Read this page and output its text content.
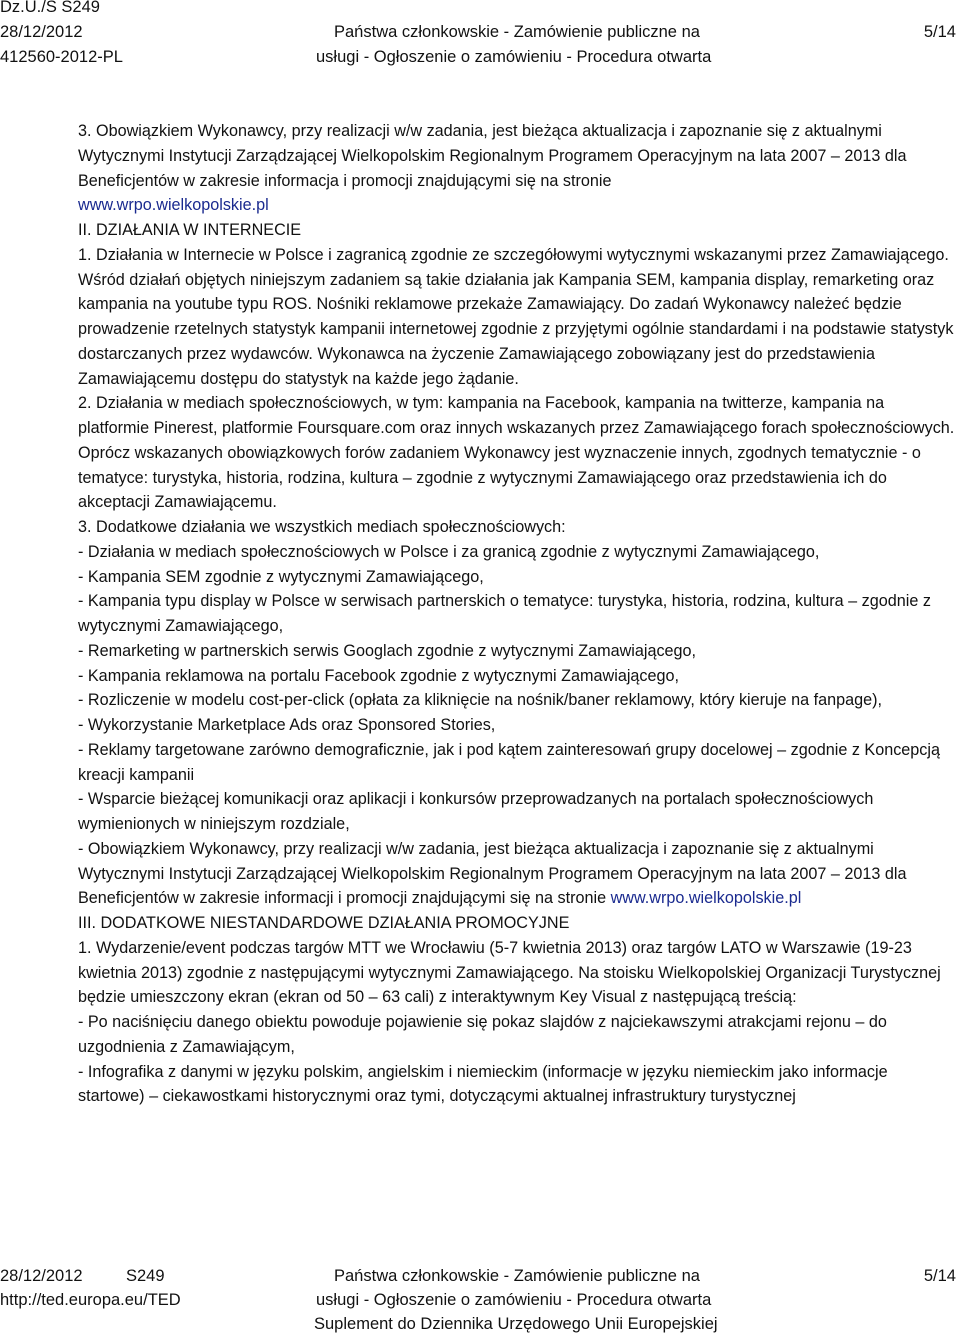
Dz.U./S S249
28/12/2012
412560-2012-PL
Państwa członkowskie - Zamówienie publiczne na
usługi - Ogłoszenie o zamówieniu - Procedura otwarta
5/14

3. Obowiązkiem Wykonawcy, przy realizacji w/w zadania, jest bieżąca aktualizacja i zapoznanie się z aktualnymi Wytycznymi Instytucji Zarządzającej Wielkopolskim Regionalnym Programem Operacyjnym na lata 2007 – 2013 dla Beneficjentów w zakresie informacja i promocji znajdującymi się na stronie
www.wrpo.wielkopolskie.pl

II. DZIAŁANIA W INTERNECIE

1. Działania w Internecie w Polsce i zagranicą zgodnie ze szczegółowymi wytycznymi wskazanymi przez Zamawiającego. Wśród działań objętych niniejszym zadaniem są takie działania jak Kampania SEM, kampania display, remarketing oraz kampania na youtube typu ROS. Nośniki reklamowe przekaże Zamawiający. Do zadań Wykonawcy należeć będzie prowadzenie rzetelnych statystyk kampanii internetowej zgodnie z przyjętymi ogólnie standardami i na podstawie statystyk dostarczanych przez wydawców. Wykonawca na życzenie Zamawiającego zobowiązany jest do przedstawienia Zamawiającemu dostępu do statystyk na każde jego żądanie.

2. Działania w mediach społecznościowych, w tym: kampania na Facebook, kampania na twitterze, kampania na platformie Pinerest, platformie Foursquare.com oraz innych wskazanych przez Zamawiającego forach społecznościowych. Oprócz wskazanych obowiązkowych forów zadaniem Wykonawcy jest wyznaczenie innych, zgodnych tematycznie - o tematyce: turystyka, historia, rodzina, kultura – zgodnie z wytycznymi Zamawiającego oraz przedstawienia ich do akceptacji Zamawiającemu.

3. Dodatkowe działania we wszystkich mediach społecznościowych:

- Działania w mediach społecznościowych w Polsce i za granicą zgodnie z wytycznymi Zamawiającego,

- Kampania SEM zgodnie z wytycznymi Zamawiającego,

- Kampania typu display w Polsce w serwisach partnerskich o tematyce: turystyka, historia, rodzina, kultura – zgodnie z wytycznymi Zamawiającego,

- Remarketing w partnerskich serwis Googlach zgodnie z wytycznymi Zamawiającego,

- Kampania reklamowa na portalu Facebook zgodnie z wytycznymi Zamawiającego,

- Rozliczenie w modelu cost-per-click (opłata za kliknięcie na nośnik/baner reklamowy, który kieruje na fanpage),

- Wykorzystanie Marketplace Ads oraz Sponsored Stories,

- Reklamy targetowane zarówno demograficznie, jak i pod kątem zainteresowań grupy docelowej – zgodnie z Koncepcją kreacji kampanii

- Wsparcie bieżącej komunikacji oraz aplikacji i konkursów przeprowadzanych na portalach społecznościowych wymienionych w niniejszym rozdziale,

- Obowiązkiem Wykonawcy, przy realizacji w/w zadania, jest bieżąca aktualizacja i zapoznanie się z aktualnymi

Wytycznymi Instytucji Zarządzającej Wielkopolskim Regionalnym Programem Operacyjnym na lata 2007 – 2013 dla Beneficjentów w zakresie informacji i promocji znajdującymi się na stronie www.wrpo.wielkopolskie.pl

III. DODATKOWE NIESTANDARDOWE DZIAŁANIA PROMOCYJNE

1. Wydarzenie/event podczas targów MTT we Wrocławiu (5-7 kwietnia 2013) oraz targów LATO w Warszawie (19-23 kwietnia 2013) zgodnie z następującymi wytycznymi Zamawiającego. Na stoisku Wielkopolskiej Organizacji Turystycznej będzie umieszczony ekran (ekran od 50 – 63 cali) z interaktywnym Key Visual z następującą treścią:

- Po naciśnięciu danego obiektu powoduje pojawienie się pokaz slajdów z najciekawszymi atrakcjami rejonu – do uzgodnienia z Zamawiającym,

- Infografika z danymi w języku polskim, angielskim i niemieckim (informacje w języku niemieckim jako informacje startowe) – ciekawostkami historycznymi oraz tymi, dotyczącymi aktualnej infrastruktury turystycznej

28/12/2012	S249
http://ted.europa.eu/TED
Państwa członkowskie - Zamówienie publiczne na
usługi - Ogłoszenie o zamówieniu - Procedura otwarta
Suplement do Dziennika Urzędowego Unii Europejskiej
5/14
